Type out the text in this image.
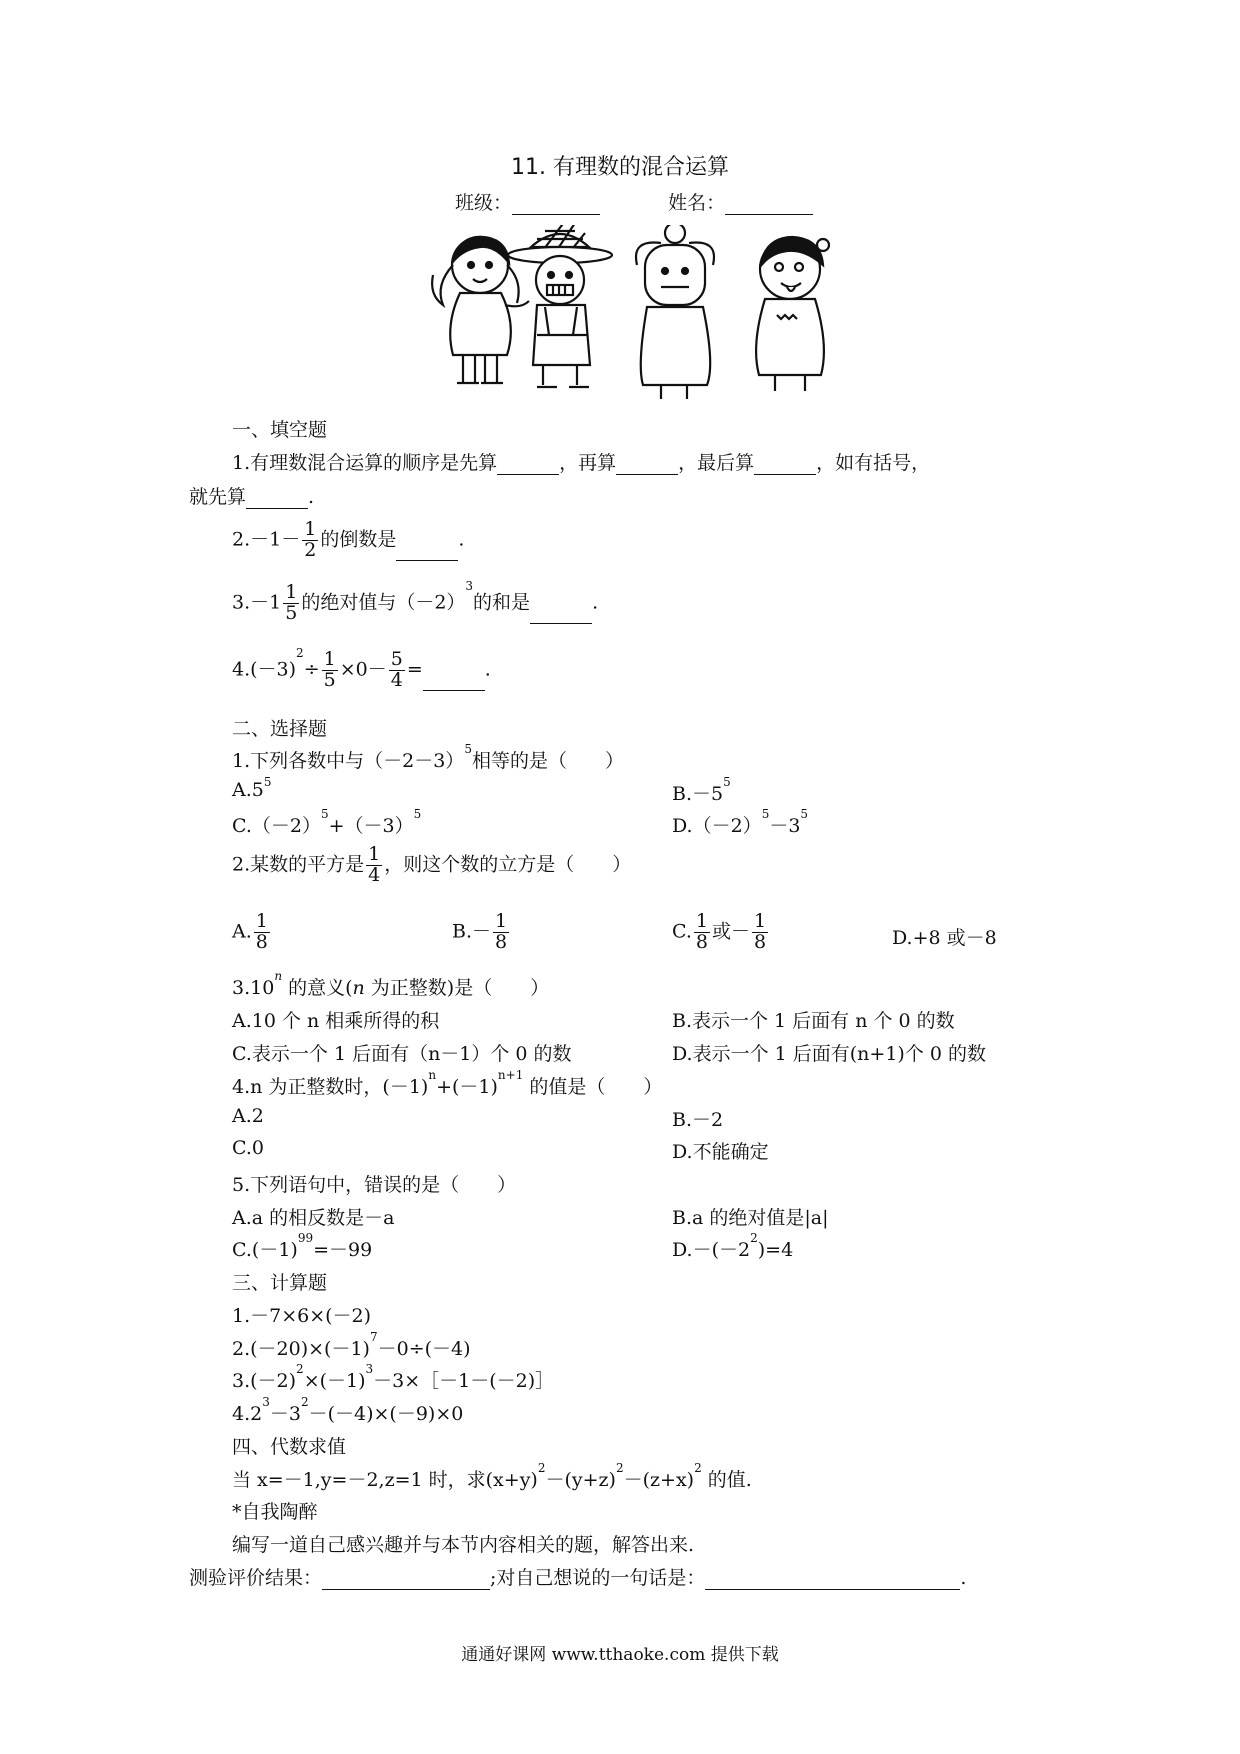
11. 有理数的混合运算
班级：	姓名：
一、填空题
1.有理数混合运算的顺序是先算	，再算	，最后算	，如有括号，
就先算	.
$2.-1- \frac{1}{2}$ 的倒数是	.
$3.-1 \frac{1}{5}$ 的绝对值与$(-2)^3$的和是	.
$4.(-3)^2\div \frac{1}{5} \times 0- \frac{5}{4}$ =	.
二、选择题
1.下列各数中与$(-2-3)^5$相等的是（　　）
$A.5^5$
$B.-5^5$
$C.(-2)^5+(-3)^5$
$D.(-2)^5-3^5$
2.某数的平方是 $\frac{1}{4}$ ，则这个数的立方是（　　）
A. $\frac{1}{8}$	$B.- \frac{1}{8}$	C. $\frac{1}{8}$ 或－ $\frac{1}{8}$	D.+8 或－8
3.10$^n$ 的意义(n 为正整数)是（　　）
A.10 个 n 相乘所得的积	B.表示一个 1 后面有 n 个 0 的数
C.表示一个 1 后面有（n－1）个 0 的数	D.表示一个 1 后面有(n+1)个 0 的数
4.n 为正整数时，$(-1)^n+(-1)^{n+1}$ 的值是（　　）
A.2	B.－2
C.0	D.不能确定
5.下列语句中，错误的是（　　）
A.a 的相反数是－a	B.a 的绝对值是|a|
$C.(-1)^{99}=-99$	$D.-(-2^2)=4$
三、计算题
1.－7×6×(－2)
$2.(-20)\times(-1)^7-0\div(-4)$
$3.(-2)^2\times(-1)^3-3\times[-1-(-2)]$
$4.2^3-3^2-(-4)\times(-9)\times 0$
四、代数求值
当 x=－1,y=－2,z=1 时，求$(x+y)^2-(y+z)^2-(z+x)^2$ 的值.
*自我陶醉
编写一道自己感兴趣并与本节内容相关的题，解答出来.
测验评价结果：	;对自己想说的一句话是：	.
通通好课网 www.tthaoke.com 提供下载
